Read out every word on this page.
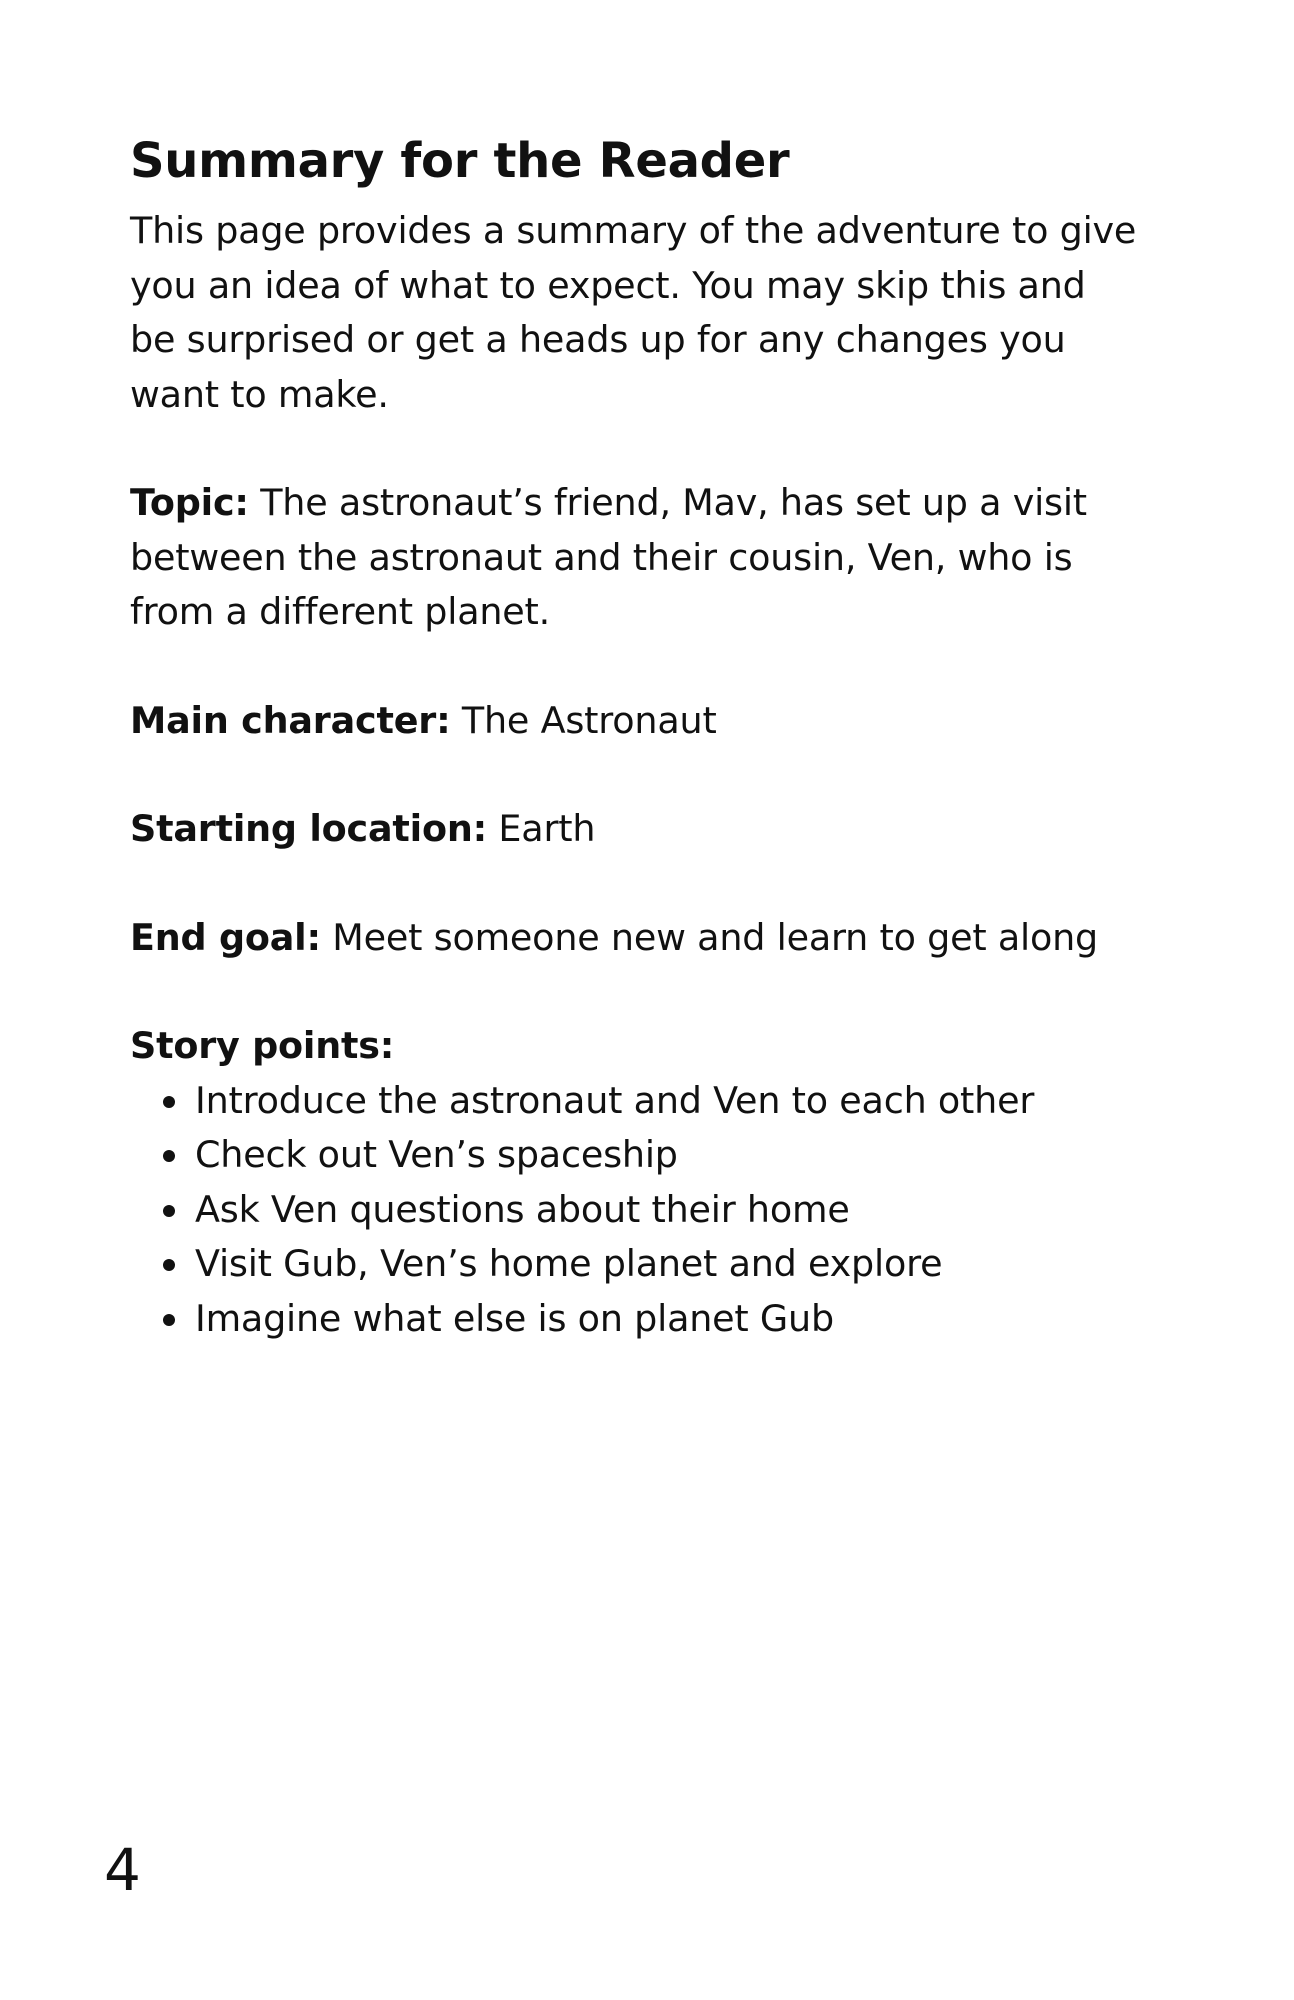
Summary for the Reader
This page provides a summary of the adventure to give
you an idea of what to expect. You may skip this and
be surprised or get a heads up for any changes you
want to make.
Topic: The astronaut’s friend, Mav, has set up a visit
between the astronaut and their cousin, Ven, who is
from a different planet.
Main character: The Astronaut
Starting location: Earth
End goal: Meet someone new and learn to get along
Story points:
Introduce the astronaut and Ven to each other
Check out Ven’s spaceship
Ask Ven questions about their home
Visit Gub, Ven’s home planet and explore
Imagine what else is on planet Gub
4
